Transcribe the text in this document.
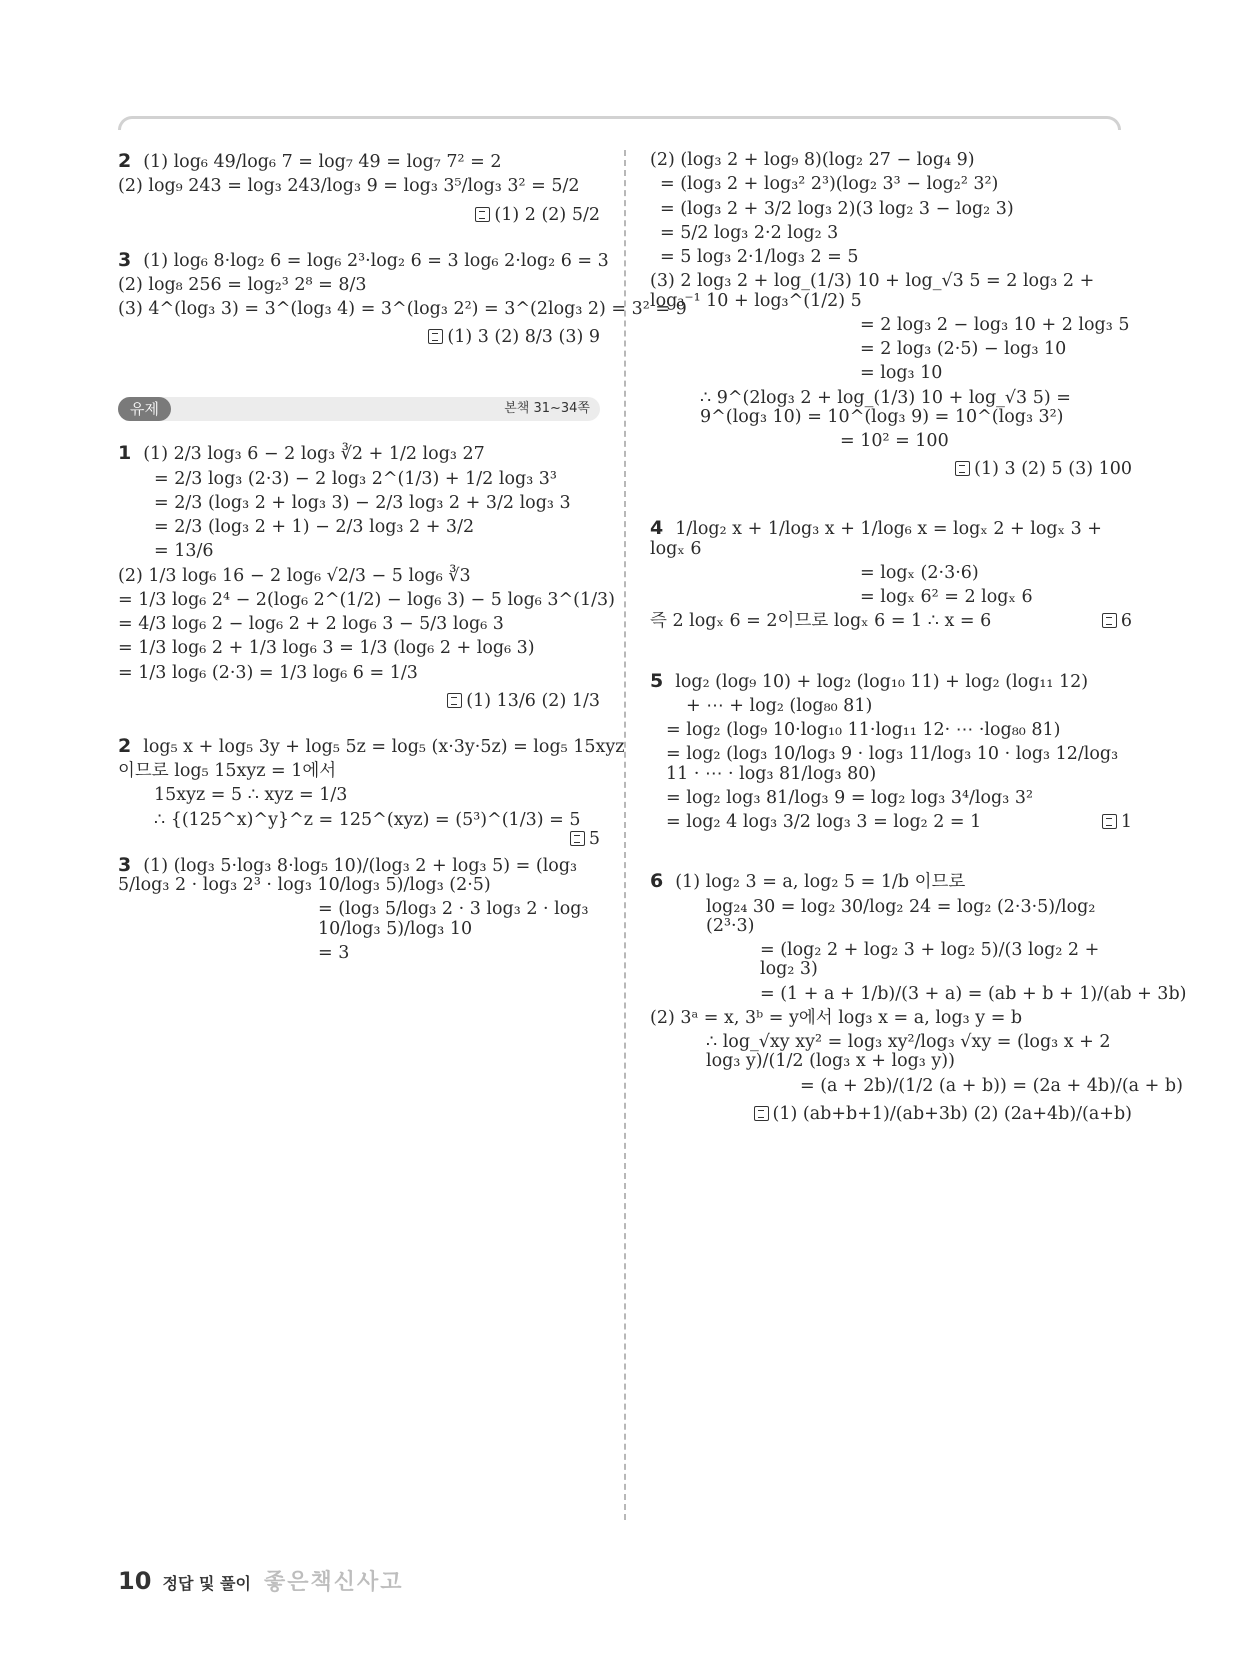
2 (1) log₆ 49/log₆ 7 = log₇ 49 = log₇ 7² = 2
(2) log₉ 243 = log₃ 243/log₃ 9 = log₃ 3⁵/log₃ 3² = 5/2
(1) 2 (2) 5/2
3 (1) log₆ 8·log₂ 6 = log₆ 2³·log₂ 6 = 3 log₆ 2·log₂ 6 = 3
(2) log₈ 256 = log₂³ 2⁸ = 8/3
(3) 4^(log₃ 3) = 3^(log₃ 4) = 3^(log₃ 2²) = 3^(2log₃ 2) = 3² = 9
(1) 3 (2) 8/3 (3) 9
유제	본책 31~34쪽
1 (1) 2/3 log₃ 6 − 2 log₃ ∛2 + 1/2 log₃ 27
= 2/3 log₃ (2·3) − 2 log₃ 2^(1/3) + 1/2 log₃ 3³
= 2/3 (log₃ 2 + log₃ 3) − 2/3 log₃ 2 + 3/2 log₃ 3
= 2/3 (log₃ 2 + 1) − 2/3 log₃ 2 + 3/2
= 13/6
(2) 1/3 log₆ 16 − 2 log₆ √2/3 − 5 log₆ ∛3
= 1/3 log₆ 2⁴ − 2(log₆ 2^(1/2) − log₆ 3) − 5 log₆ 3^(1/3)
= 4/3 log₆ 2 − log₆ 2 + 2 log₆ 3 − 5/3 log₆ 3
= 1/3 log₆ 2 + 1/3 log₆ 3 = 1/3 (log₆ 2 + log₆ 3)
= 1/3 log₆ (2·3) = 1/3 log₆ 6 = 1/3
(1) 13/6 (2) 1/3
2 log₅ x + log₅ 3y + log₅ 5z = log₅ (x·3y·5z) = log₅ 15xyz
이므로 log₅ 15xyz = 1에서
15xyz = 5 ∴ xyz = 1/3
∴ {(125^x)^y}^z = 125^(xyz) = (5³)^(1/3) = 5
5
3 (1) (log₃ 5·log₃ 8·log₅ 10)/(log₃ 2 + log₃ 5) = (log₃ 5/log₃ 2 · log₃ 2³ · log₃ 10/log₃ 5)/log₃ (2·5)
= (log₃ 5/log₃ 2 · 3 log₃ 2 · log₃ 10/log₃ 5)/log₃ 10
= 3
(2) (log₃ 2 + log₉ 8)(log₂ 27 − log₄ 9)
= (log₃ 2 + log₃² 2³)(log₂ 3³ − log₂² 3²)
= (log₃ 2 + 3/2 log₃ 2)(3 log₂ 3 − log₂ 3)
= 5/2 log₃ 2·2 log₂ 3
= 5 log₃ 2·1/log₃ 2 = 5
(3) 2 log₃ 2 + log_(1/3) 10 + log_√3 5 = 2 log₃ 2 + log₃⁻¹ 10 + log₃^(1/2) 5
= 2 log₃ 2 − log₃ 10 + 2 log₃ 5
= 2 log₃ (2·5) − log₃ 10
= log₃ 10
∴ 9^(2log₃ 2 + log_(1/3) 10 + log_√3 5) = 9^(log₃ 10) = 10^(log₃ 9) = 10^(log₃ 3²)
= 10² = 100
(1) 3 (2) 5 (3) 100
4 1/log₂ x + 1/log₃ x + 1/log₆ x = logₓ 2 + logₓ 3 + logₓ 6
= logₓ (2·3·6)
= logₓ 6² = 2 logₓ 6
즉 2 logₓ 6 = 2이므로 logₓ 6 = 1 ∴ x = 6	6
5 log₂ (log₉ 10) + log₂ (log₁₀ 11) + log₂ (log₁₁ 12)
+ ⋯ + log₂ (log₈₀ 81)
= log₂ (log₉ 10·log₁₀ 11·log₁₁ 12· ⋯ ·log₈₀ 81)
= log₂ (log₃ 10/log₃ 9 · log₃ 11/log₃ 10 · log₃ 12/log₃ 11 · ⋯ · log₃ 81/log₃ 80)
= log₂ log₃ 81/log₃ 9 = log₂ log₃ 3⁴/log₃ 3²
= log₂ 4 log₃ 3/2 log₃ 3 = log₂ 2 = 1	1
6 (1) log₂ 3 = a, log₂ 5 = 1/b 이므로
log₂₄ 30 = log₂ 30/log₂ 24 = log₂ (2·3·5)/log₂ (2³·3)
= (log₂ 2 + log₂ 3 + log₂ 5)/(3 log₂ 2 + log₂ 3)
= (1 + a + 1/b)/(3 + a) = (ab + b + 1)/(ab + 3b)
(2) 3ᵃ = x, 3ᵇ = y에서 log₃ x = a, log₃ y = b
∴ log_√xy xy² = log₃ xy²/log₃ √xy = (log₃ x + 2 log₃ y)/(1/2 (log₃ x + log₃ y))
= (a + 2b)/(1/2 (a + b)) = (2a + 4b)/(a + b)
(1) (ab+b+1)/(ab+3b) (2) (2a+4b)/(a+b)
10 정답 및 풀이 좋은책신사고
